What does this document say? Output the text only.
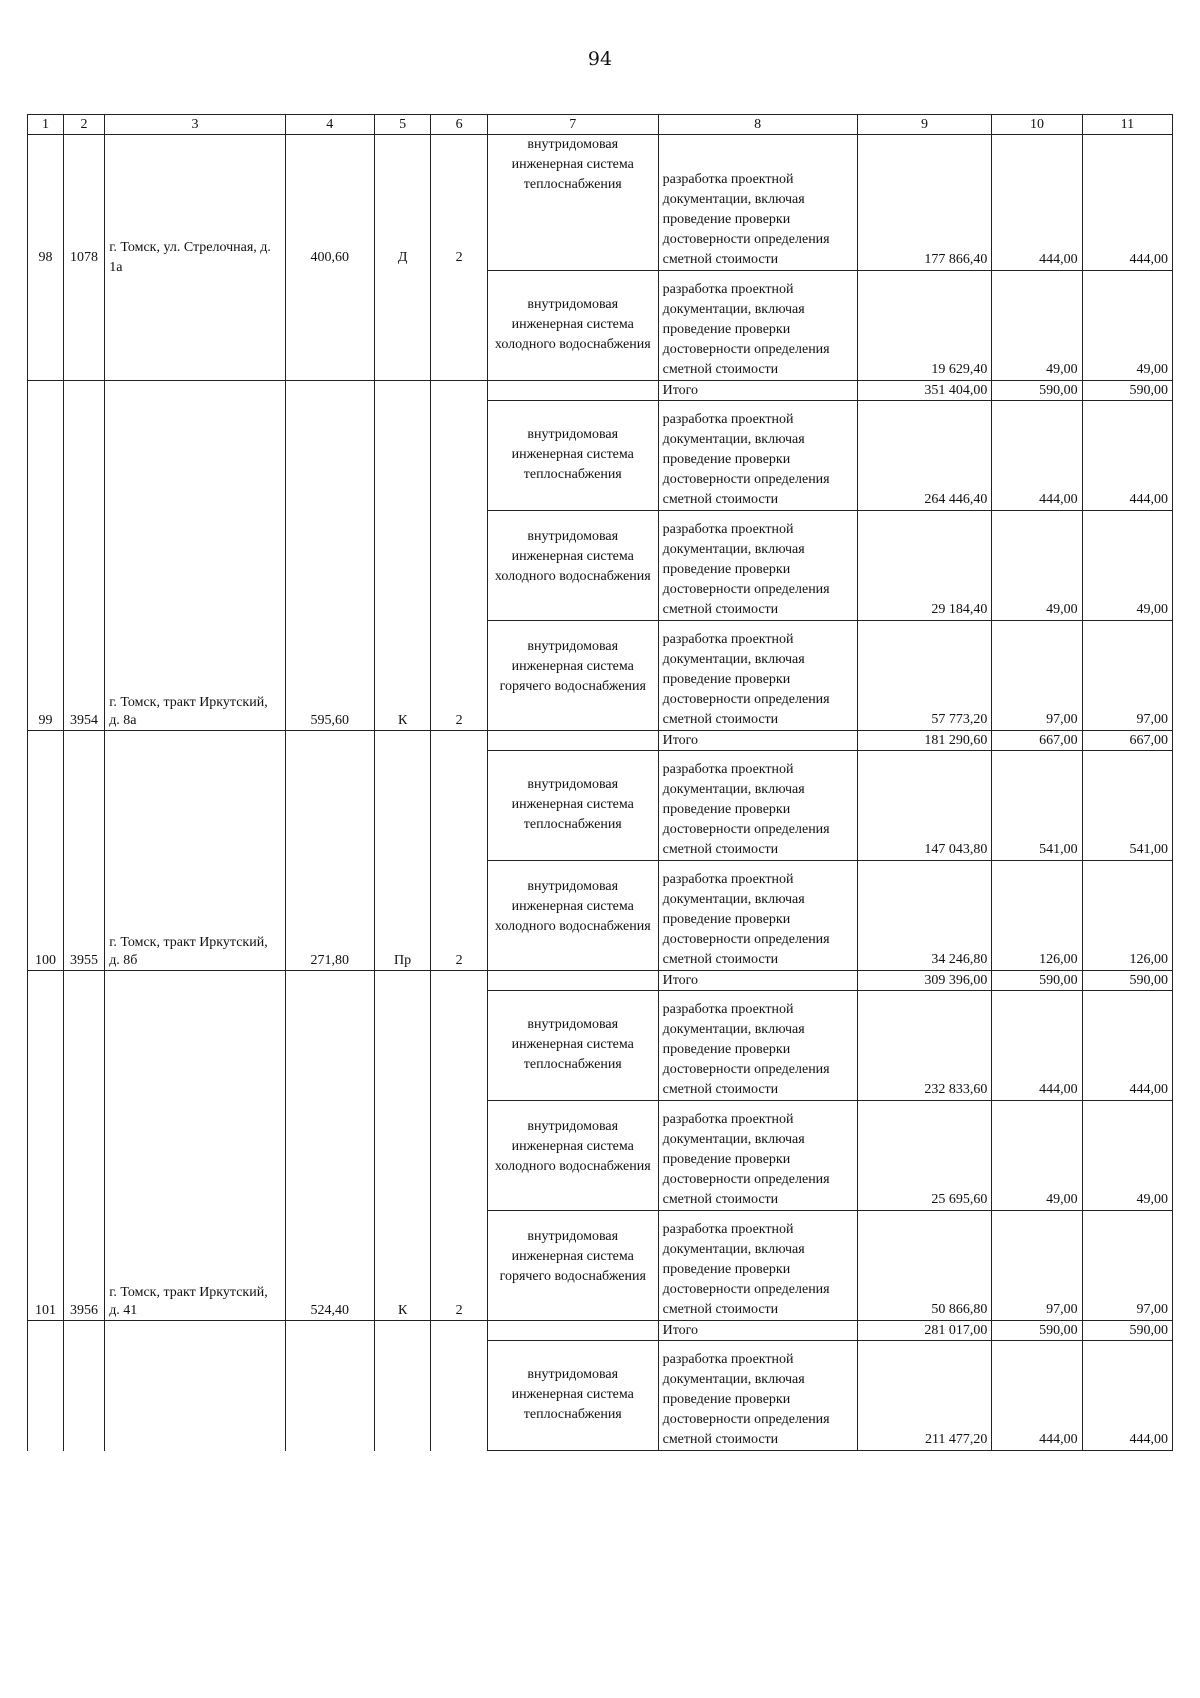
94
1	2	3	4	5	6	7	8	9	10	11
98	1078	г. Томск, ул. Стрелочная, д. 1а	400,60	Д	2	внутридомовая инженерная система теплоснабжения	разработка проектной документации, включая проведение проверки достоверности определения сметной стоимости	177 866,40	444,00	444,00
						внутридомовая инженерная система холодного водоснабжения	разработка проектной документации, включая проведение проверки достоверности определения сметной стоимости	19 629,40	49,00	49,00
99	3954	г. Томск, тракт Иркутский, д. 8а	595,60	К	2		Итого	351 404,00	590,00	590,00
						внутридомовая инженерная система теплоснабжения	разработка проектной документации, включая проведение проверки достоверности определения сметной стоимости	264 446,40	444,00	444,00
						внутридомовая инженерная система холодного водоснабжения	разработка проектной документации, включая проведение проверки достоверности определения сметной стоимости	29 184,40	49,00	49,00
						внутридомовая инженерная система горячего водоснабжения	разработка проектной документации, включая проведение проверки достоверности определения сметной стоимости	57 773,20	97,00	97,00
100	3955	г. Томск, тракт Иркутский, д. 8б	271,80	Пр	2		Итого	181 290,60	667,00	667,00
						внутридомовая инженерная система теплоснабжения	разработка проектной документации, включая проведение проверки достоверности определения сметной стоимости	147 043,80	541,00	541,00
						внутридомовая инженерная система холодного водоснабжения	разработка проектной документации, включая проведение проверки достоверности определения сметной стоимости	34 246,80	126,00	126,00
101	3956	г. Томск, тракт Иркутский, д. 41	524,40	К	2		Итого	309 396,00	590,00	590,00
						внутридомовая инженерная система теплоснабжения	разработка проектной документации, включая проведение проверки достоверности определения сметной стоимости	232 833,60	444,00	444,00
						внутридомовая инженерная система холодного водоснабжения	разработка проектной документации, включая проведение проверки достоверности определения сметной стоимости	25 695,60	49,00	49,00
						внутридомовая инженерная система горячего водоснабжения	разработка проектной документации, включая проведение проверки достоверности определения сметной стоимости	50 866,80	97,00	97,00
							Итого	281 017,00	590,00	590,00
						внутридомовая инженерная система теплоснабжения	разработка проектной документации, включая проведение проверки достоверности определения сметной стоимости	211 477,20	444,00	444,00
